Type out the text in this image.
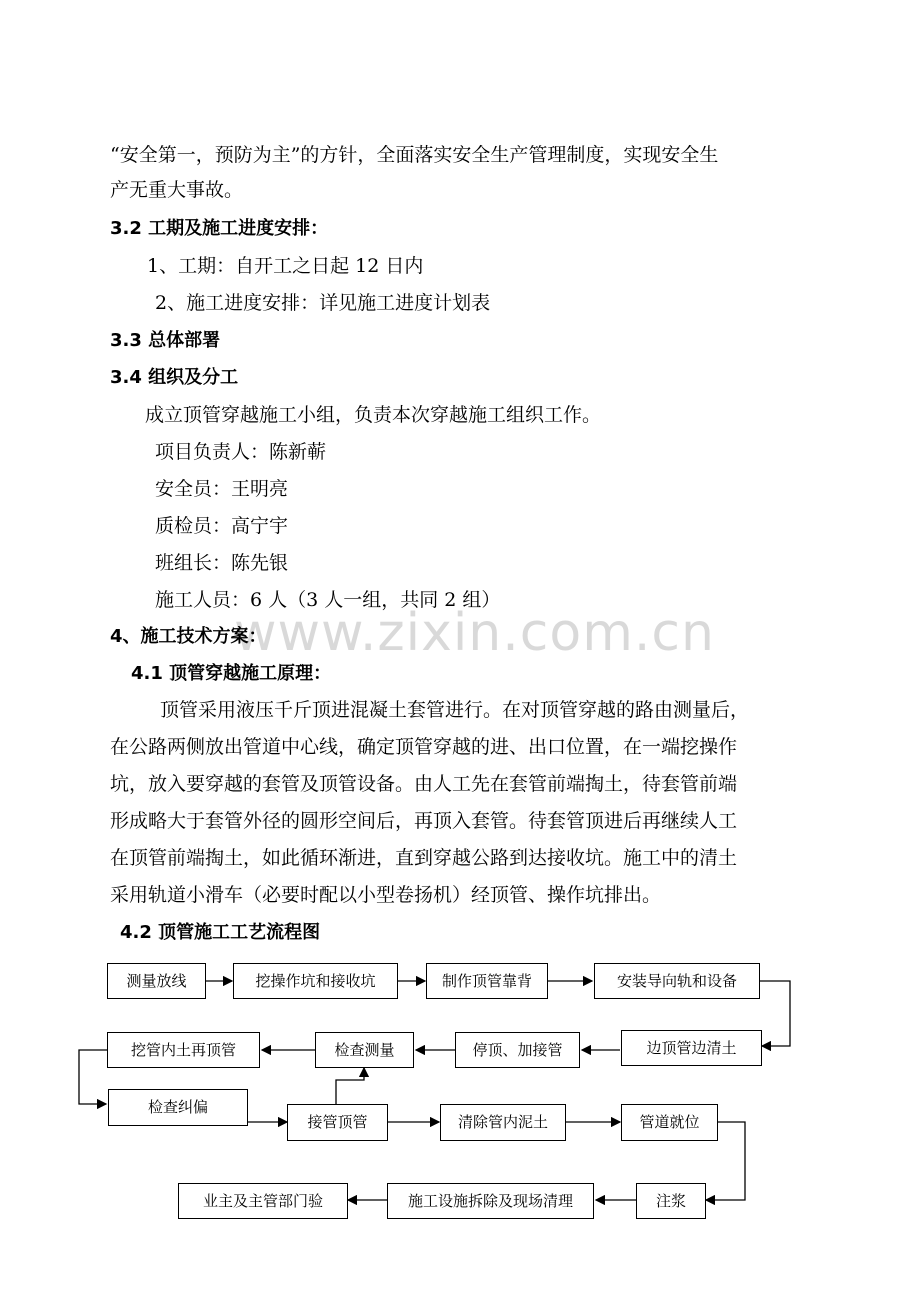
www.zixin.com.cn
“安全第一，预防为主”的方针，全面落实安全生产管理制度，实现安全生
产无重大事故。
3.2 工期及施工进度安排：
1、工期：自开工之日起 12 日内
2、施工进度安排：详见施工进度计划表
3.3 总体部署
3.4 组织及分工
成立顶管穿越施工小组，负责本次穿越施工组织工作。
项目负责人：陈新蕲
安全员：王明亮
质检员：高宁宇
班组长：陈先银
施工人员：6 人（3 人一组，共同 2 组）
4、施工技术方案：
4.1 顶管穿越施工原理：
顶管采用液压千斤顶进混凝土套管进行。在对顶管穿越的路由测量后，
在公路两侧放出管道中心线，确定顶管穿越的进、出口位置，在一端挖操作
坑，放入要穿越的套管及顶管设备。由人工先在套管前端掏土，待套管前端
形成略大于套管外径的圆形空间后，再顶入套管。待套管顶进后再继续人工
在顶管前端掏土，如此循环渐进，直到穿越公路到达接收坑。施工中的清土
采用轨道小滑车（必要时配以小型卷扬机）经顶管、操作坑排出。
4.2 顶管施工工艺流程图
测量放线	挖操作坑和接收坑	制作顶管靠背	安装导向轨和设备
边顶管边清土
停顶、加接管
检查测量
挖管内土再顶管
检查纠偏
接管顶管	清除管内泥土	管道就位
注浆
施工设施拆除及现场清理
业主及主管部门验
